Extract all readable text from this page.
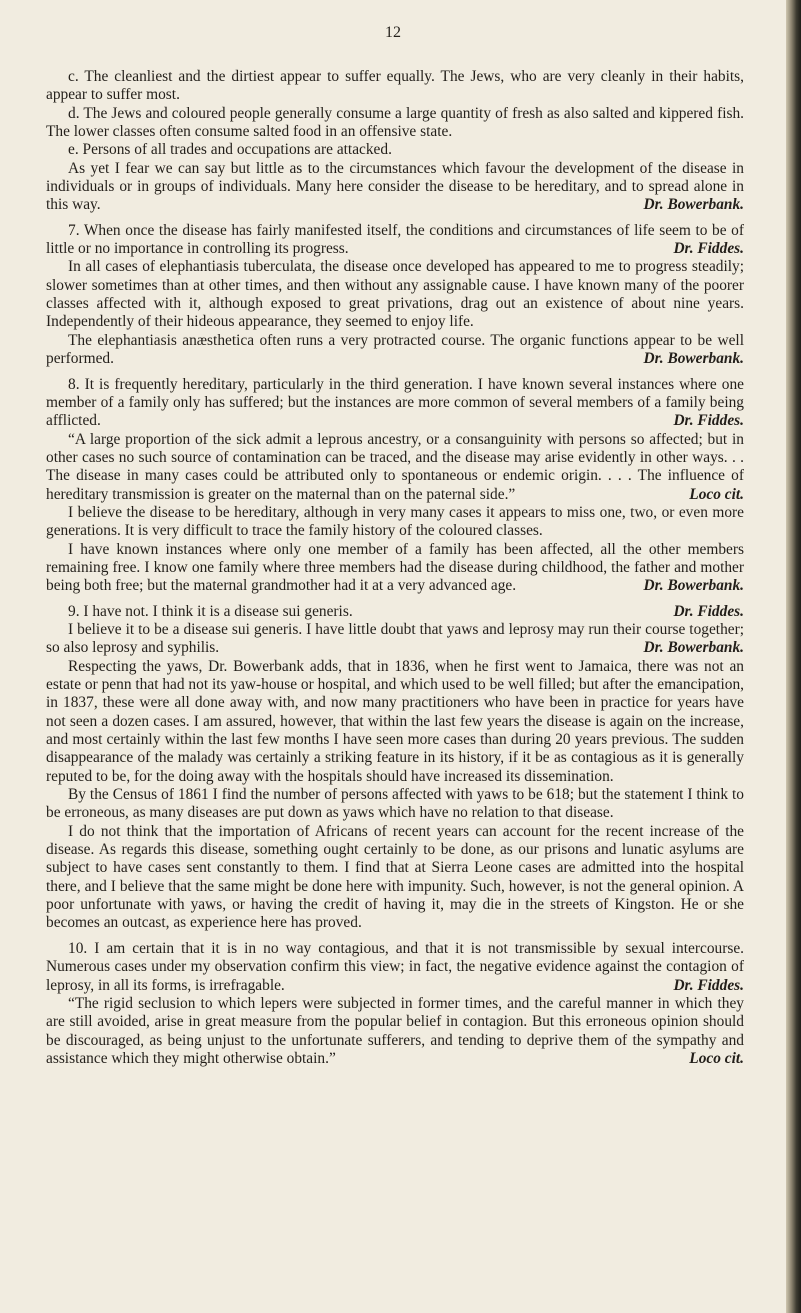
12

c. The cleanliest and the dirtiest appear to suffer equally. The Jews, who are very cleanly in their habits, appear to suffer most.

d. The Jews and coloured people generally consume a large quantity of fresh as also salted and kippered fish. The lower classes often consume salted food in an offensive state.

e. Persons of all trades and occupations are attacked.

As yet I fear we can say but little as to the circumstances which favour the development of the disease in individuals or in groups of individuals. Many here consider the disease to be hereditary, and to spread alone in this way.	Dr. Bowerbank.

7. When once the disease has fairly manifested itself, the conditions and circumstances of life seem to be of little or no importance in controlling its progress.	Dr. Fiddes.

In all cases of elephantiasis tuberculata, the disease once developed has appeared to me to progress steadily; slower sometimes than at other times, and then without any assignable cause. I have known many of the poorer classes affected with it, although exposed to great privations, drag out an existence of about nine years. Independently of their hideous appearance, they seemed to enjoy life.

The elephantiasis anæsthetica often runs a very protracted course. The organic functions appear to be well performed.	Dr. Bowerbank.

8. It is frequently hereditary, particularly in the third generation. I have known several instances where one member of a family only has suffered; but the instances are more common of several members of a family being afflicted.	Dr. Fiddes.

“A large proportion of the sick admit a leprous ancestry, or a consanguinity with persons so affected; but in other cases no such source of contamination can be traced, and the disease may arise evidently in other ways. . . The disease in many cases could be attributed only to spontaneous or endemic origin. . . . The influence of hereditary transmission is greater on the maternal than on the paternal side.”	Loco cit.

I believe the disease to be hereditary, although in very many cases it appears to miss one, two, or even more generations. It is very difficult to trace the family history of the coloured classes.

I have known instances where only one member of a family has been affected, all the other members remaining free. I know one family where three members had the disease during childhood, the father and mother being both free; but the maternal grandmother had it at a very advanced age.	Dr. Bowerbank.

9. I have not. I think it is a disease sui generis.	Dr. Fiddes.

I believe it to be a disease sui generis. I have little doubt that yaws and leprosy may run their course together; so also leprosy and syphilis.	Dr. Bowerbank.

Respecting the yaws, Dr. Bowerbank adds, that in 1836, when he first went to Jamaica, there was not an estate or penn that had not its yaw-house or hospital, and which used to be well filled; but after the emancipation, in 1837, these were all done away with, and now many practitioners who have been in practice for years have not seen a dozen cases. I am assured, however, that within the last few years the disease is again on the increase, and most certainly within the last few months I have seen more cases than during 20 years previous. The sudden disappearance of the malady was certainly a striking feature in its history, if it be as contagious as it is generally reputed to be, for the doing away with the hospitals should have increased its dissemination.

By the Census of 1861 I find the number of persons affected with yaws to be 618; but the statement I think to be erroneous, as many diseases are put down as yaws which have no relation to that disease.

I do not think that the importation of Africans of recent years can account for the recent increase of the disease. As regards this disease, something ought certainly to be done, as our prisons and lunatic asylums are subject to have cases sent constantly to them. I find that at Sierra Leone cases are admitted into the hospital there, and I believe that the same might be done here with impunity. Such, however, is not the general opinion. A poor unfortunate with yaws, or having the credit of having it, may die in the streets of Kingston. He or she becomes an outcast, as experience here has proved.

10. I am certain that it is in no way contagious, and that it is not transmissible by sexual intercourse. Numerous cases under my observation confirm this view; in fact, the negative evidence against the contagion of leprosy, in all its forms, is irrefragable.	Dr. Fiddes.

“The rigid seclusion to which lepers were subjected in former times, and the careful manner in which they are still avoided, arise in great measure from the popular belief in contagion. But this erroneous opinion should be discouraged, as being unjust to the unfortunate sufferers, and tending to deprive them of the sympathy and assistance which they might otherwise obtain.”	Loco cit.
